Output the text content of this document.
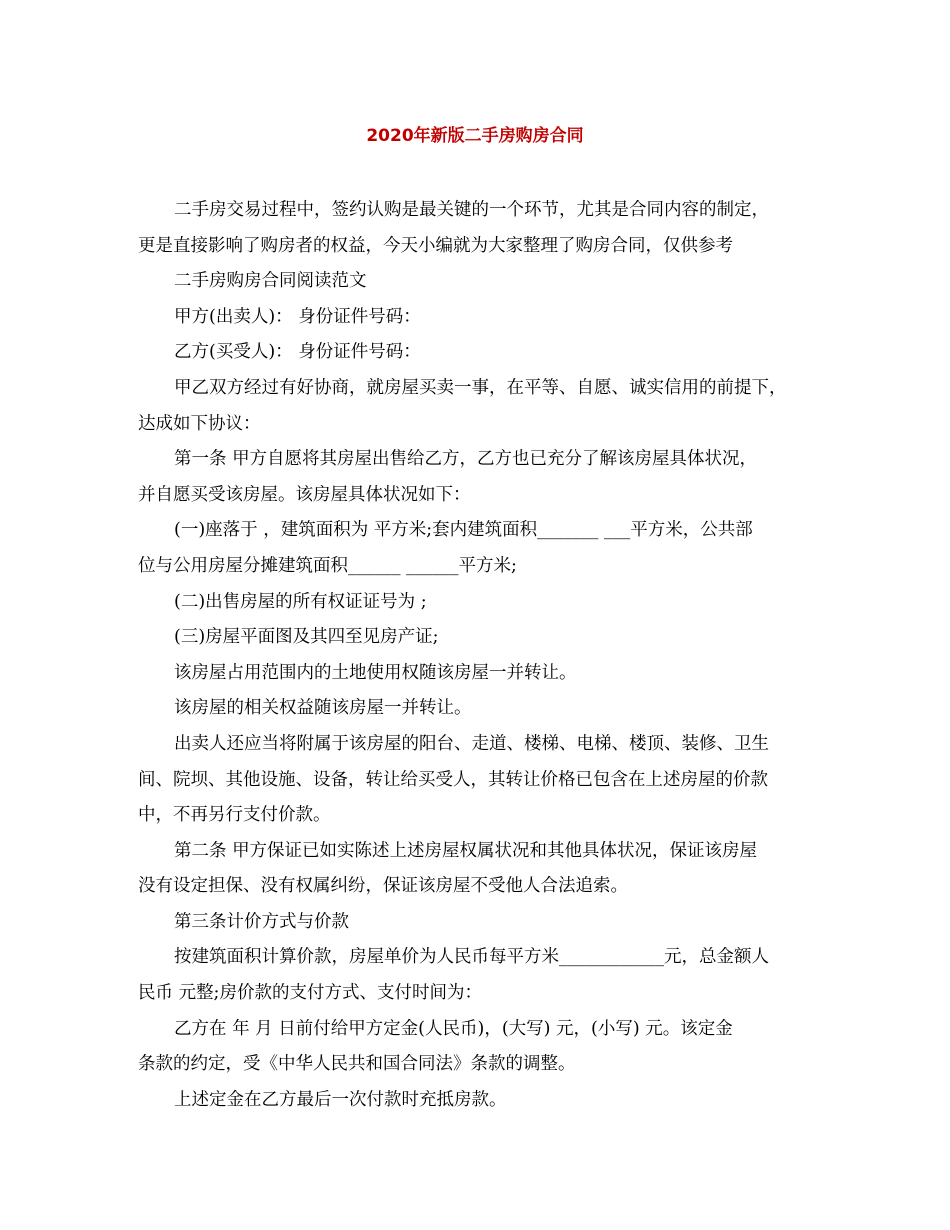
2020年新版二手房购房合同
二手房交易过程中，签约认购是最关键的一个环节，尤其是合同内容的制定，
更是直接影响了购房者的权益，今天小编就为大家整理了购房合同，仅供参考
二手房购房合同阅读范文
甲方(出卖人)： 身份证件号码：
乙方(买受人)： 身份证件号码：
甲乙双方经过有好协商，就房屋买卖一事，在平等、自愿、诚实信用的前提下，
达成如下协议：
第一条 甲方自愿将其房屋出售给乙方，乙方也已充分了解该房屋具体状况，
并自愿买受该房屋。该房屋具体状况如下：
(一)座落于 ，建筑面积为 平方米;套内建筑面积_______ ___平方米，公共部
位与公用房屋分摊建筑面积______ ______平方米;
(二)出售房屋的所有权证证号为 ;
(三)房屋平面图及其四至见房产证;
该房屋占用范围内的土地使用权随该房屋一并转让。
该房屋的相关权益随该房屋一并转让。
出卖人还应当将附属于该房屋的阳台、走道、楼梯、电梯、楼顶、装修、卫生
间、院坝、其他设施、设备，转让给买受人，其转让价格已包含在上述房屋的价款
中，不再另行支付价款。
第二条 甲方保证已如实陈述上述房屋权属状况和其他具体状况，保证该房屋
没有设定担保、没有权属纠纷，保证该房屋不受他人合法追索。
第三条计价方式与价款
按建筑面积计算价款，房屋单价为人民币每平方米____________元，总金额人
民币 元整;房价款的支付方式、支付时间为：
乙方在 年 月 日前付给甲方定金(人民币)，(大写) 元，(小写) 元。该定金
条款的约定，受《中华人民共和国合同法》条款的调整。
上述定金在乙方最后一次付款时充抵房款。
